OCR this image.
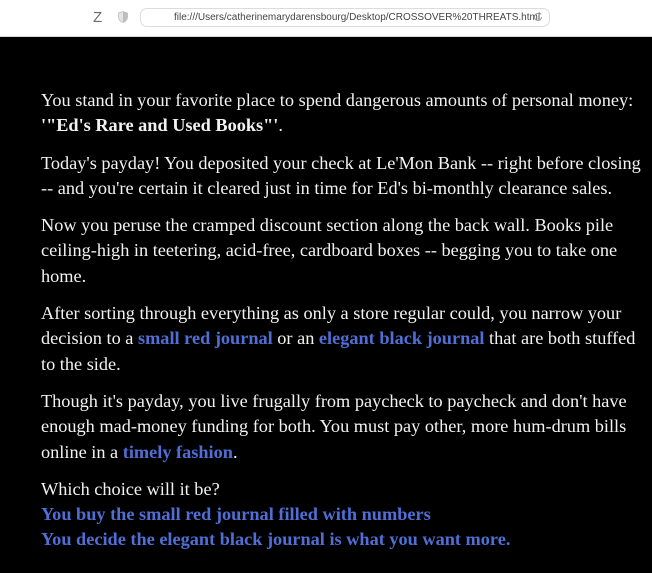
Z	file:///Users/catherinemarydarensbourg/Desktop/CROSSOVER%20THREATS.html

You stand in your favorite place to spend dangerous amounts of personal money: '"Ed's Rare and Used Books"'.

Today's payday! You deposited your check at Le'Mon Bank -- right before closing -- and you're certain it cleared just in time for Ed's bi-monthly clearance sales.

Now you peruse the cramped discount section along the back wall. Books pile ceiling-high in teetering, acid-free, cardboard boxes -- begging you to take one home.

After sorting through everything as only a store regular could, you narrow your decision to a small red journal or an elegant black journal that are both stuffed to the side.

Though it's payday, you live frugally from paycheck to paycheck and don't have enough mad-money funding for both. You must pay other, more hum-drum bills online in a timely fashion.

Which choice will it be?
You buy the small red journal filled with numbers
You decide the elegant black journal is what you want more.
